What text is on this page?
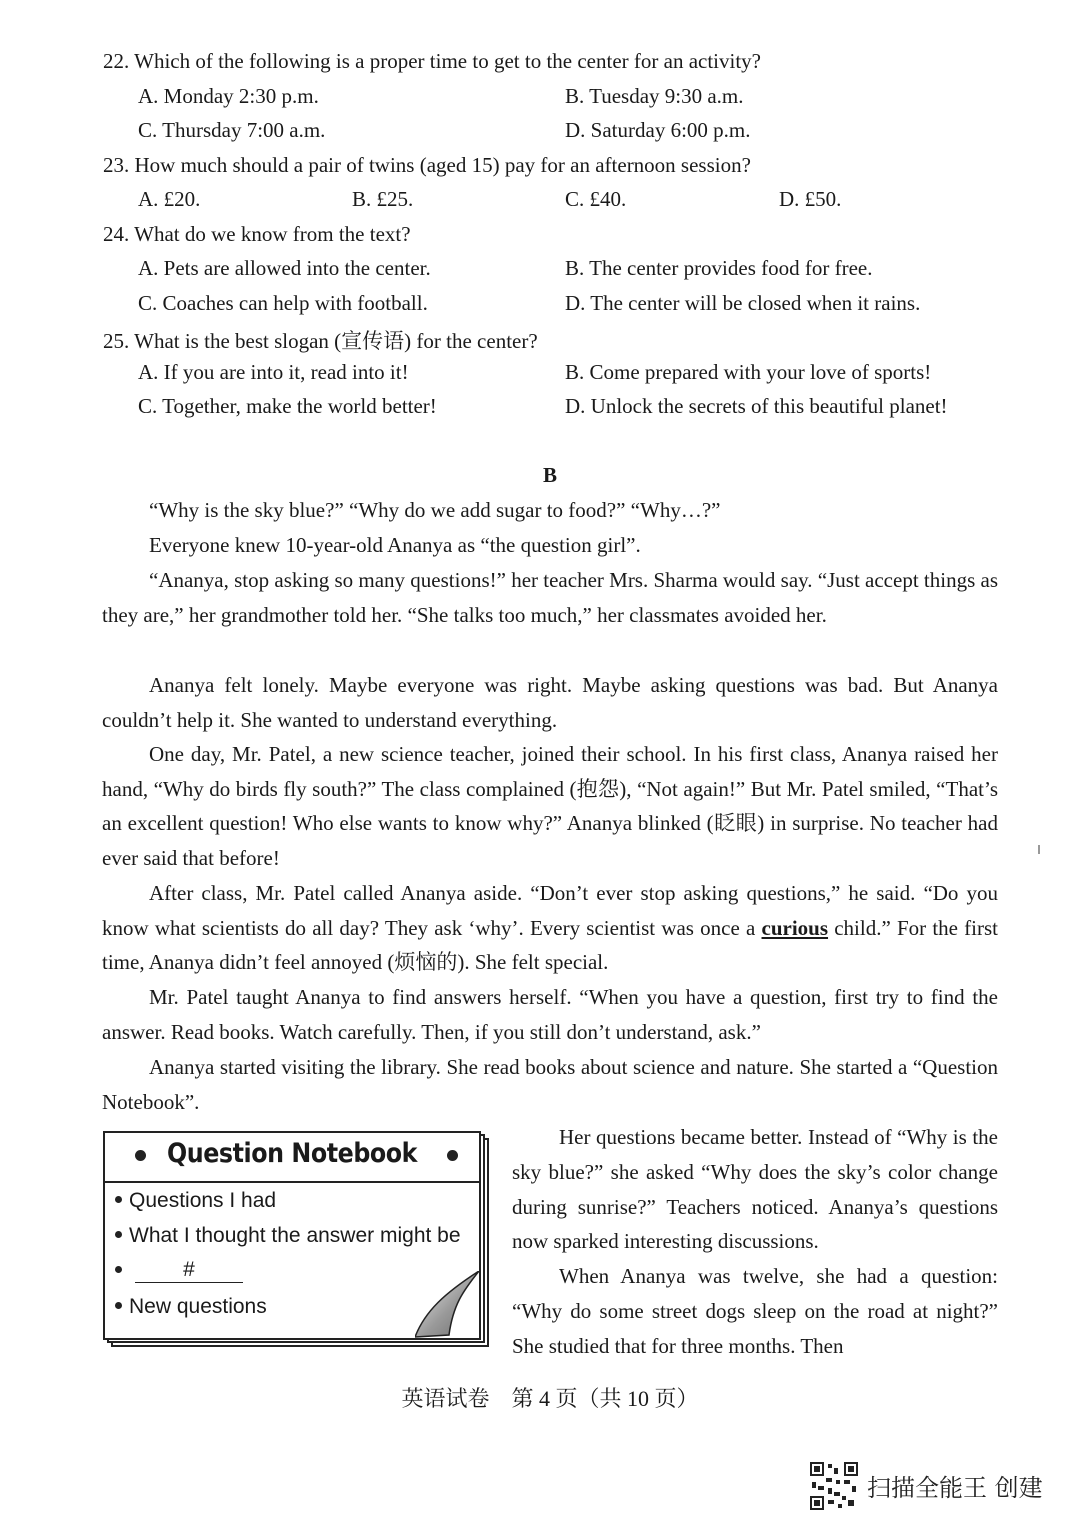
22. Which of the following is a proper time to get to the center for an activity?
A. Monday 2:30 p.m.	B. Tuesday 9:30 a.m.
C. Thursday 7:00 a.m.	D. Saturday 6:00 p.m.
23. How much should a pair of twins (aged 15) pay for an afternoon session?
A. £20.	B. £25.	C. £40.	D. £50.
24. What do we know from the text?
A. Pets are allowed into the center.	B. The center provides food for free.
C. Coaches can help with football.	D. The center will be closed when it rains.
25. What is the best slogan (宣传语) for the center?
A. If you are into it, read into it!	B. Come prepared with your love of sports!
C. Together, make the world better!	D. Unlock the secrets of this beautiful planet!
B
“Why is the sky blue?” “Why do we add sugar to food?” “Why…?”
Everyone knew 10-year-old Ananya as “the question girl”.
“Ananya, stop asking so many questions!” her teacher Mrs. Sharma would say. “Just accept things as they are,” her grandmother told her. “She talks too much,” her classmates avoided her.
Ananya felt lonely. Maybe everyone was right. Maybe asking questions was bad. But Ananya couldn’t help it. She wanted to understand everything.
One day, Mr. Patel, a new science teacher, joined their school. In his first class, Ananya raised her hand, “Why do birds fly south?” The class complained (抱怨), “Not again!” But Mr. Patel smiled, “That’s an excellent question! Who else wants to know why?” Ananya blinked (眨眼) in surprise. No teacher had ever said that before!
After class, Mr. Patel called Ananya aside. “Don’t ever stop asking questions,” he said. “Do you know what scientists do all day? They ask ‘why’. Every scientist was once a curious child.” For the first time, Ananya didn’t feel annoyed (烦恼的). She felt special.
Mr. Patel taught Ananya to find answers herself. “When you have a question, first try to find the answer. Read books. Watch carefully. Then, if you still don’t understand, ask.”
Ananya started visiting the library. She read books about science and nature. She started a “Question Notebook”.
Question Notebook
Questions I had
What I thought the answer might be
#
New questions
Her questions became better. Instead of “Why is the sky blue?” she asked “Why does the sky’s color change during sunrise?” Teachers noticed. Ananya’s questions now sparked interesting discussions.
When Ananya was twelve, she had a question: “Why do some street dogs sleep on the road at night?” She studied that for three months. Then
英语试卷　第 4 页（共 10 页）
扫描全能王 创建
